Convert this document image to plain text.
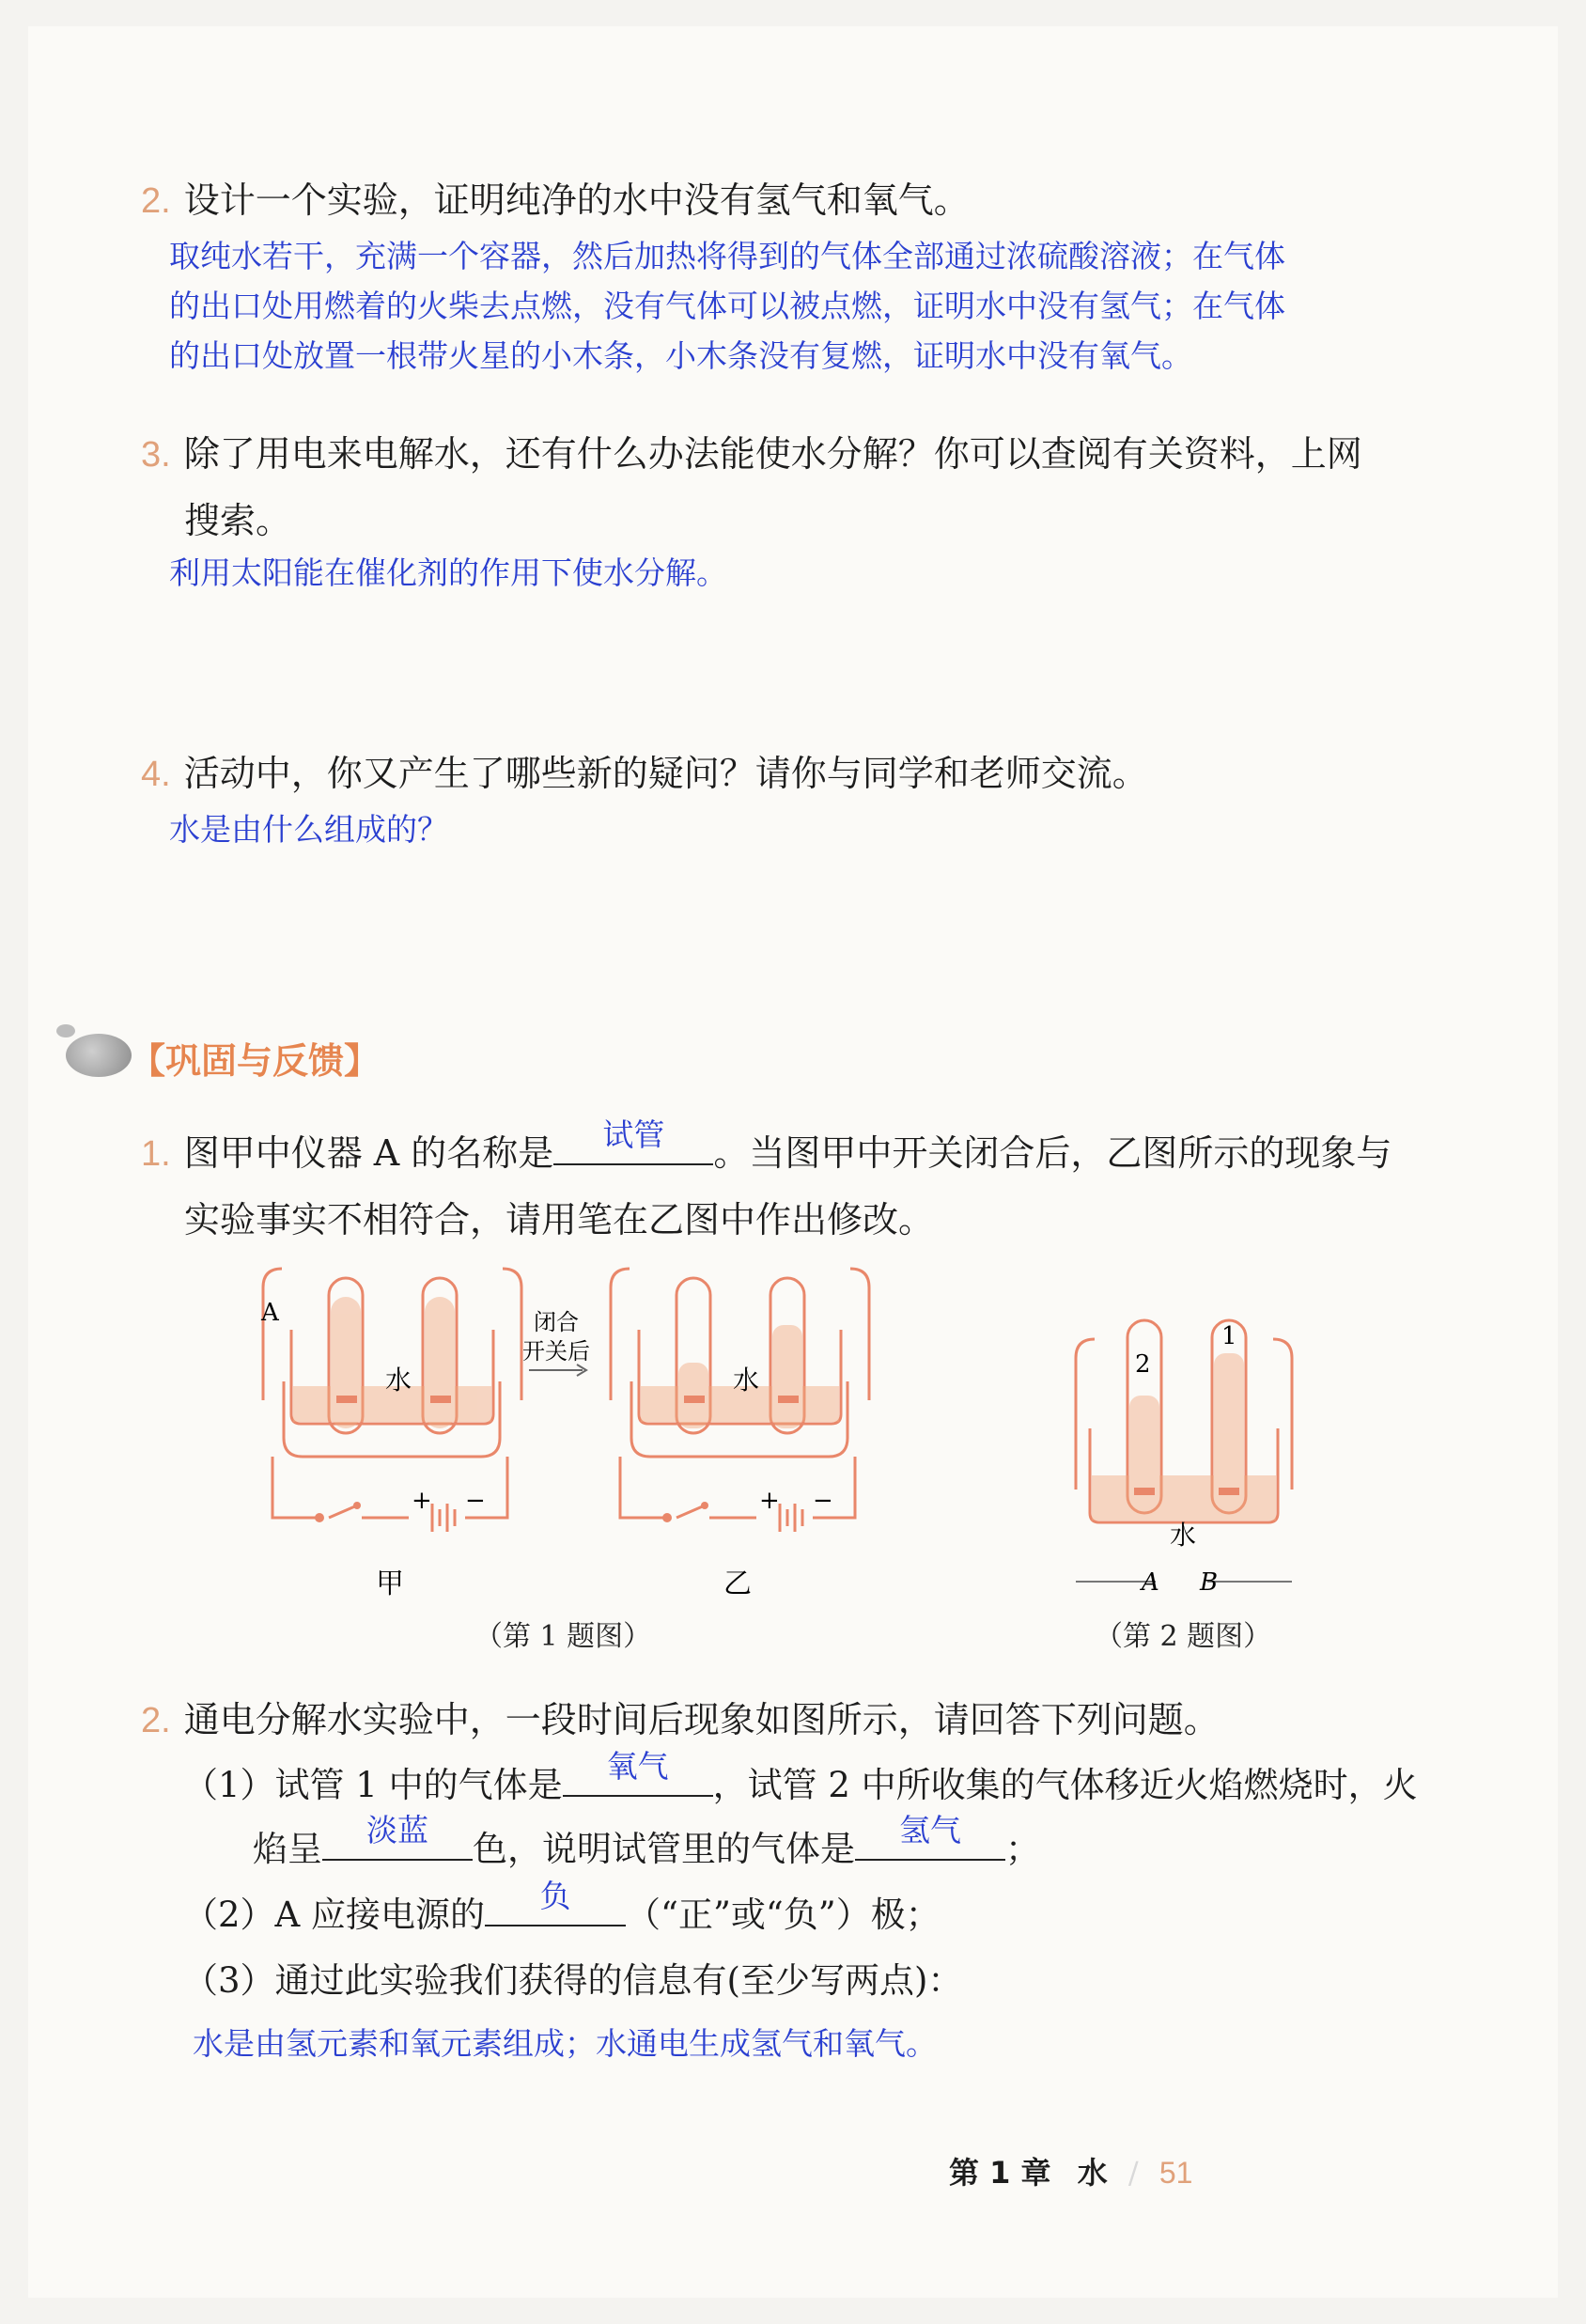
2. 设计一个实验，证明纯净的水中没有氢气和氧气。
取纯水若干，充满一个容器，然后加热将得到的气体全部通过浓硫酸溶液；在气体
的出口处用燃着的火柴去点燃，没有气体可以被点燃，证明水中没有氢气；在气体
的出口处放置一根带火星的小木条，小木条没有复燃，证明水中没有氧气。
3. 除了用电来电解水，还有什么办法能使水分解？你可以查阅有关资料，上网
搜索。
利用太阳能在催化剂的作用下使水分解。
4. 活动中，你又产生了哪些新的疑问？请你与同学和老师交流。
水是由什么组成的？
【巩固与反馈】
1. 图甲中仪器 A 的名称是	试管	。当图甲中开关闭合后，乙图所示的现象与
实验事实不相符合，请用笔在乙图中作出修改。
A	闭合
开关后
水	水
+ −	+ −
甲	乙
（第 1 题图）
2
1
水
A B
（第 2 题图）
2. 通电分解水实验中，一段时间后现象如图所示，请回答下列问题。
（1）试管 1 中的气体是	氧气	，试管 2 中所收集的气体移近火焰燃烧时，火
焰呈	淡蓝	色，说明试管里的气体是	氢气	；
（2）A 应接电源的	负	（“正”或“负”）极；
（3）通过此实验我们获得的信息有(至少写两点)：
水是由氢元素和氧元素组成；水通电生成氢气和氧气。
第 1 章 水 / 51
